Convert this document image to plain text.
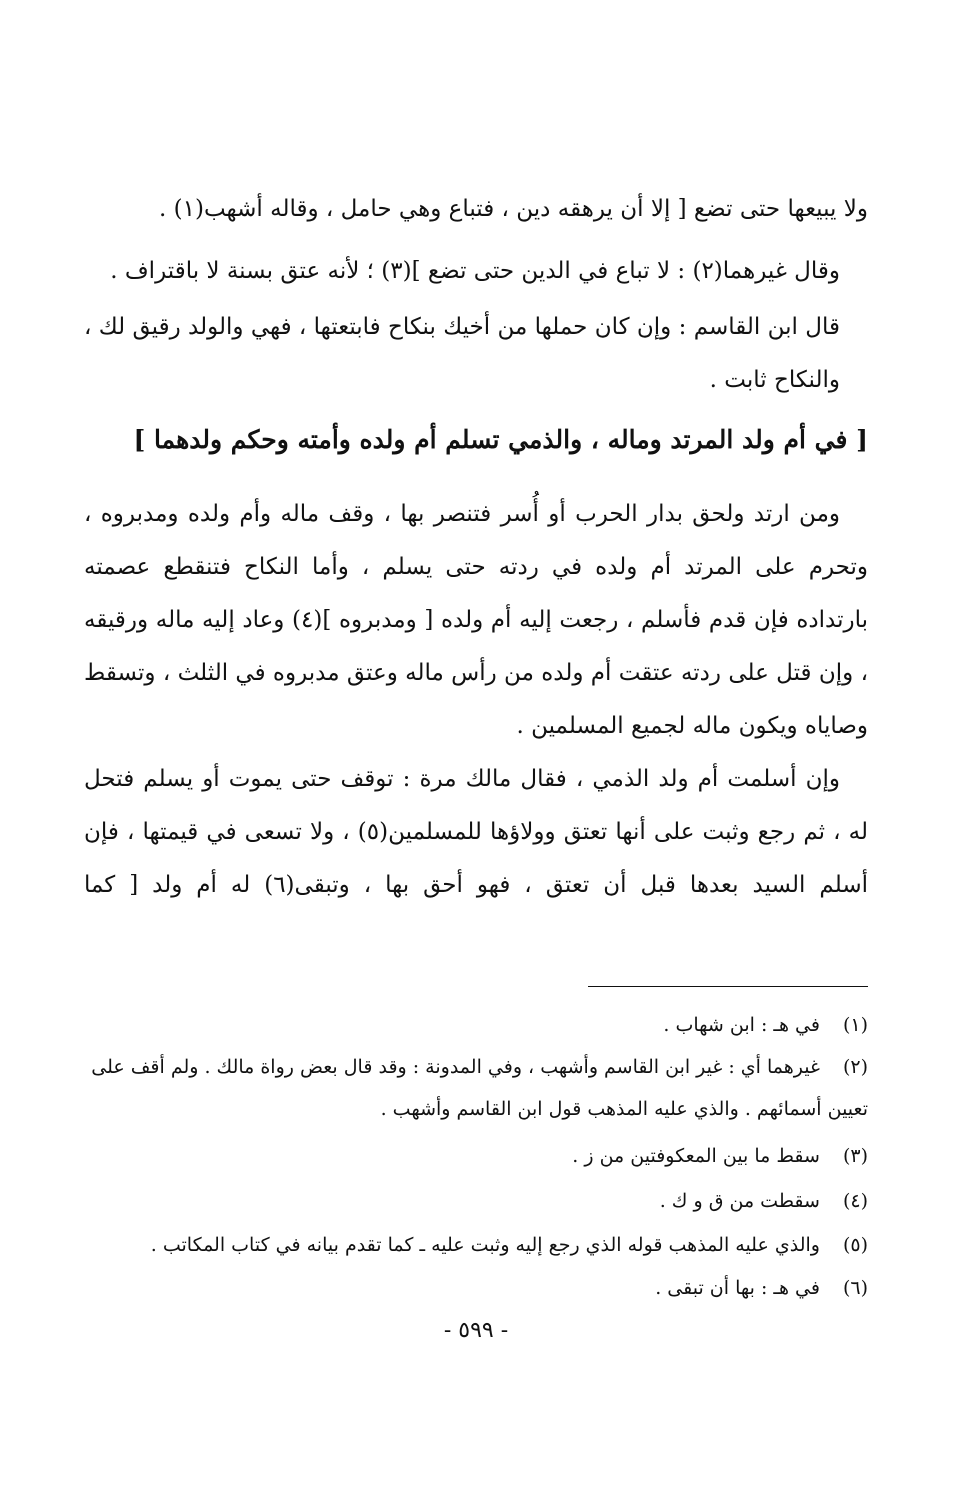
ولا يبيعها حتى تضع [ إلا أن يرهقه دين ، فتباع وهي حامل ، وقاله أشهب(١) .

وقال غيرهما(٢) : لا تباع في الدين حتى تضع ](٣) ؛ لأنه عتق بسنة لا باقتراف .

قال ابن القاسم : وإن كان حملها من أخيك بنكاح فابتعتها ، فهي والولد رقيق لك ، والنكاح ثابت .

[ في أم ولد المرتد وماله ، والذمي تسلم أم ولده وأمته وحكم ولدهما ]

ومن ارتد ولحق بدار الحرب أو أُسر فتنصر بها ، وقف ماله وأم ولده ومدبروه ، وتحرم على المرتد أم ولده في ردته حتى يسلم ، وأما النكاح فتنقطع عصمته بارتداده فإن قدم فأسلم ، رجعت إليه أم ولده [ ومدبروه ](٤) وعاد إليه ماله ورقيقه ، وإن قتل على ردته عتقت أم ولده من رأس ماله وعتق مدبروه في الثلث ، وتسقط وصاياه ويكون ماله لجميع المسلمين .

وإن أسلمت أم ولد الذمي ، فقال مالك مرة : توقف حتى يموت أو يسلم فتحل له ، ثم رجع وثبت على أنها تعتق وولاؤها للمسلمين(٥) ، ولا تسعى في قيمتها ، فإن أسلم السيد بعدها قبل أن تعتق ، فهو أحق بها ، وتبقى(٦) له أم ولد [ كما

(١) في هـ : ابن شهاب .

(٢) غيرهما أي : غير ابن القاسم وأشهب ، وفي المدونة : وقد قال بعض رواة مالك . ولم أقف على تعيين أسمائهم . والذي عليه المذهب قول ابن القاسم وأشهب .

(٣) سقط ما بين المعكوفتين من ز .

(٤) سقطت من ق و ك .

(٥) والذي عليه المذهب قوله الذي رجع إليه وثبت عليه ـ كما تقدم بيانه في كتاب المكاتب .

(٦) في هـ : بها أن تبقى .

- ٥٩٩ -
